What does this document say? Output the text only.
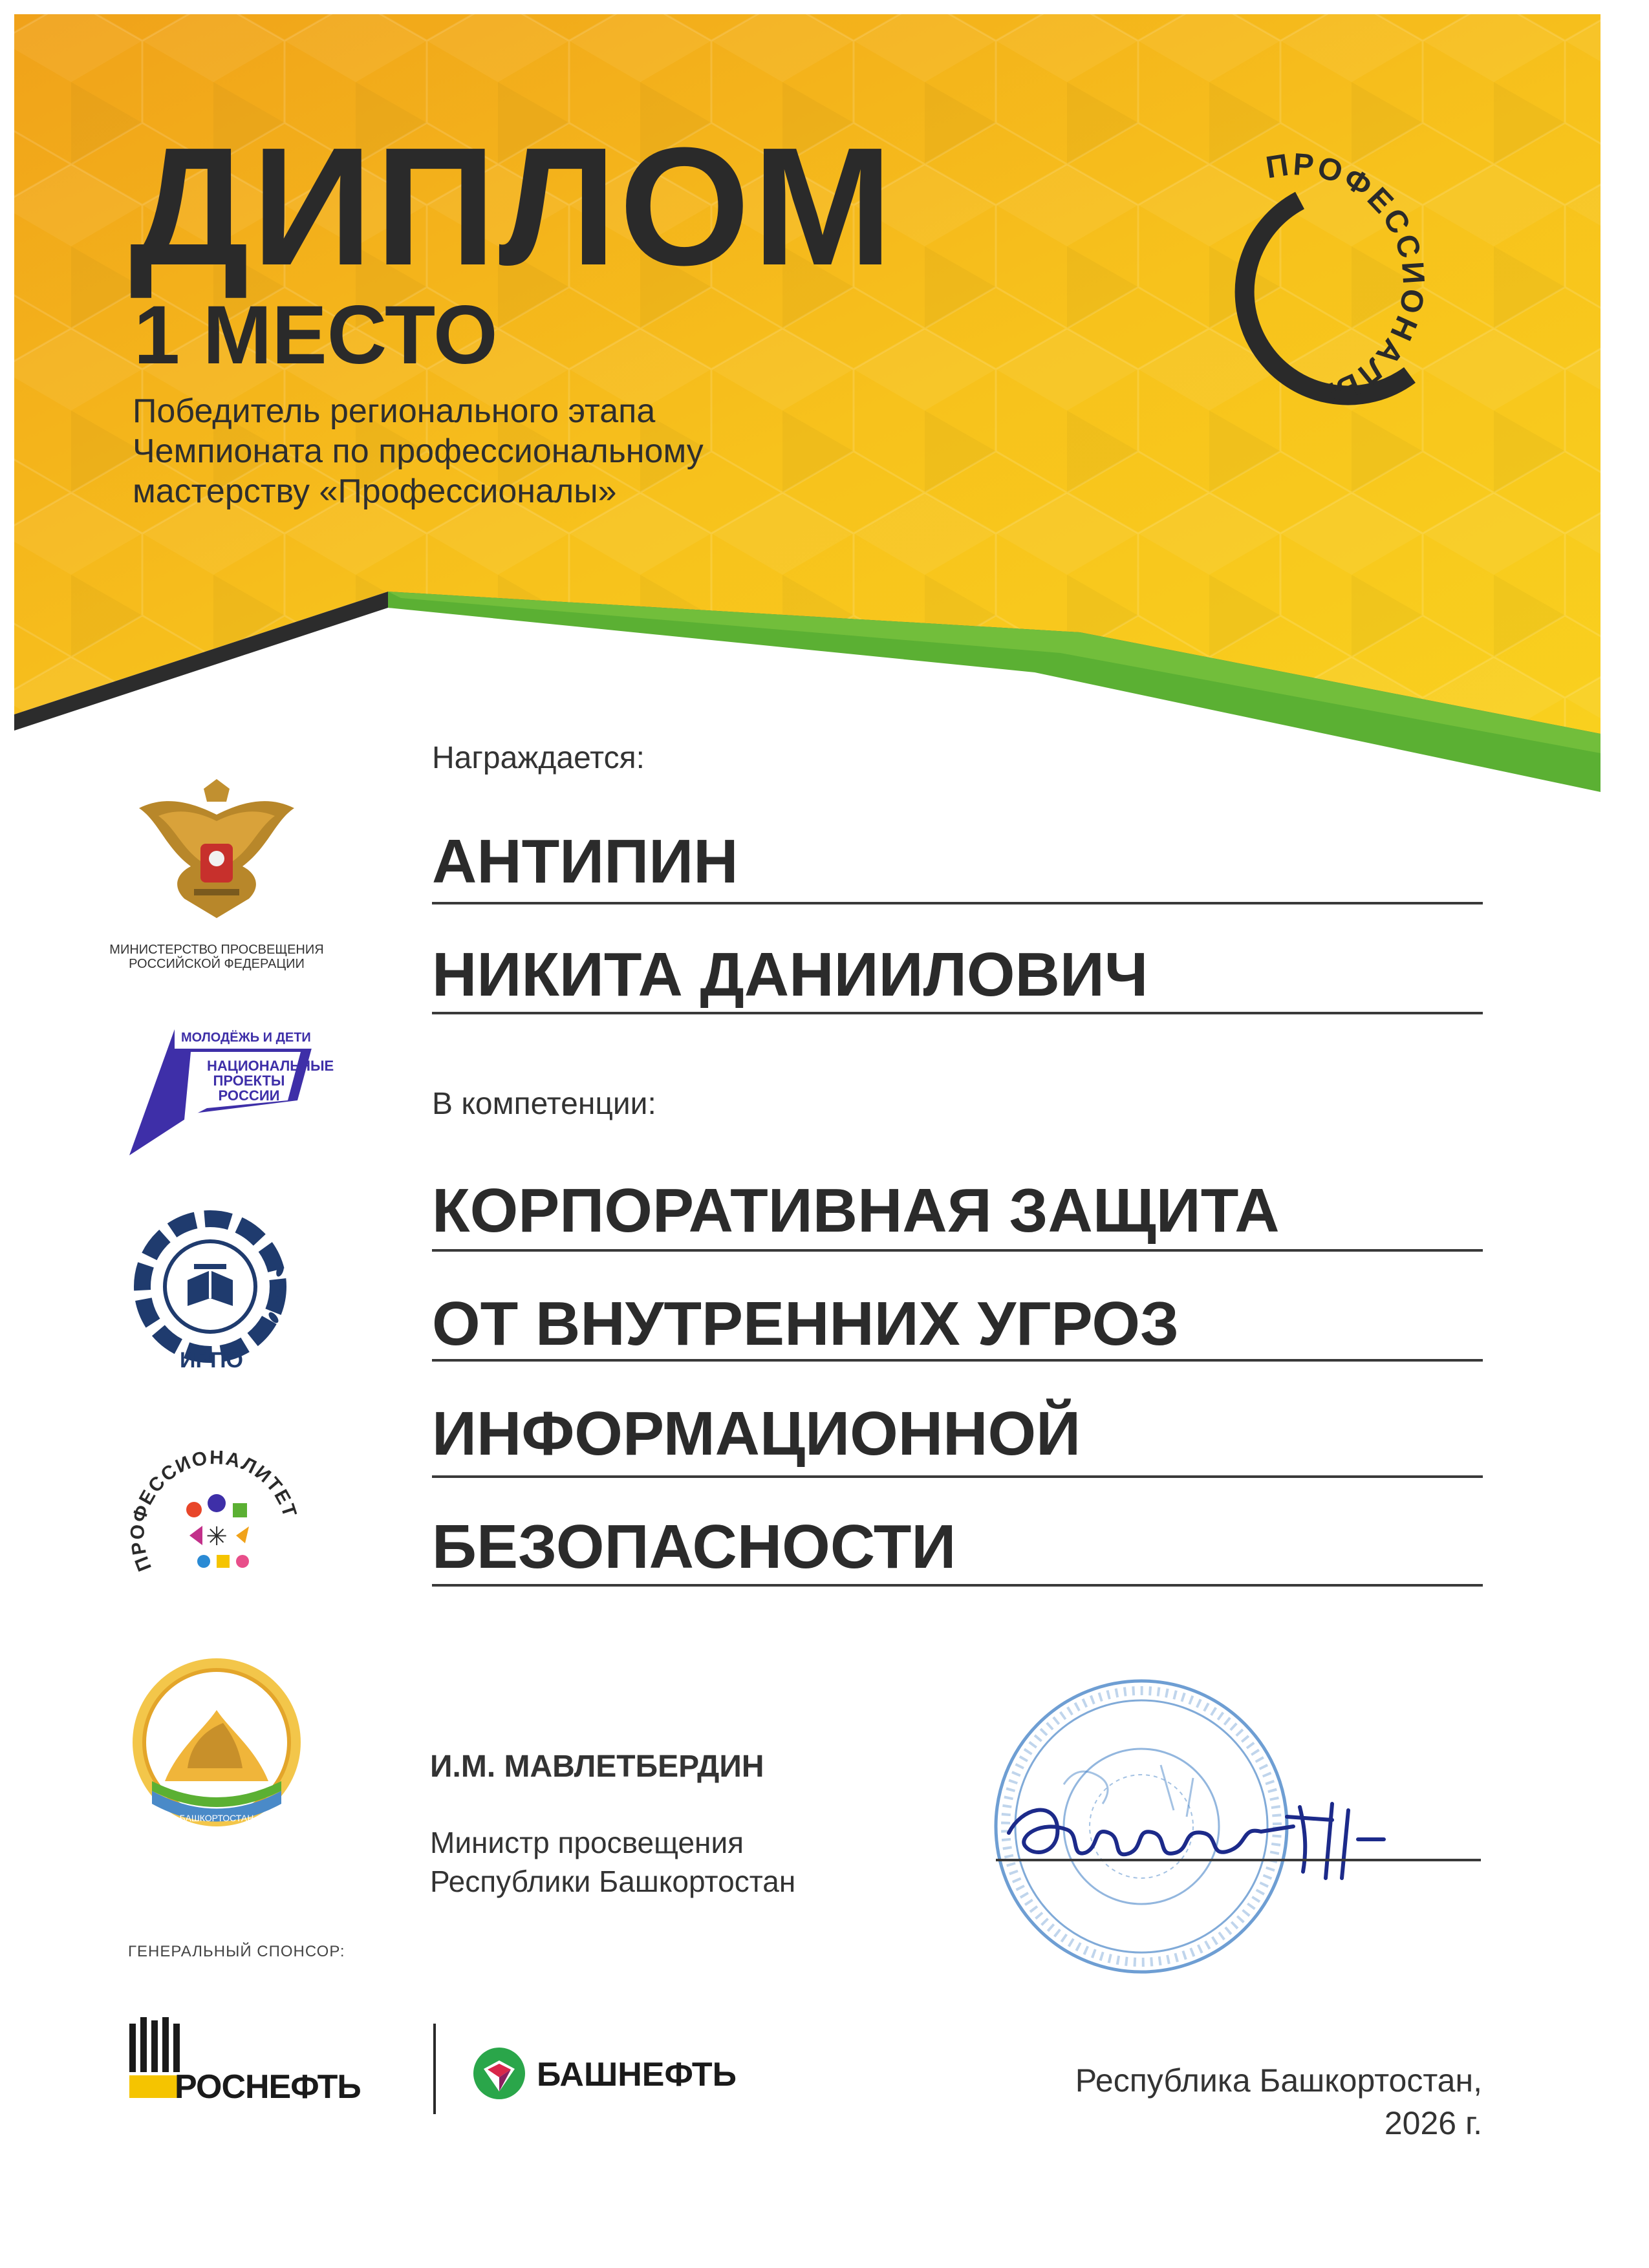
ДИПЛОМ
1 МЕСТО
Победитель регионального этапа
Чемпионата по профессиональному
мастерству «Профессионалы»
ПРОФЕССИОНАЛЫ
Награждается:
АНТИПИН
НИКИТА ДАНИИЛОВИЧ
В компетенции:
КОРПОРАТИВНАЯ ЗАЩИТА
ОТ ВНУТРЕННИХ УГРОЗ
ИНФОРМАЦИОННОЙ
БЕЗОПАСНОСТИ
МИНИСТЕРСТВО ПРОСВЕЩЕНИЯ
РОССИЙСКОЙ ФЕДЕРАЦИИ
МОЛОДЁЖЬ И ДЕТИ
НАЦИОНАЛЬНЫЕ
ПРОЕКТЫ
РОССИИ
ИРПО
ПРОФЕССИОНАЛИТЕТ
✳
БАШКОРТОСТАН
И.М. МАВЛЕТБЕРДИН
Министр просвещения
Республики Башкортостан
ГЕНЕРАЛЬНЫЙ СПОНСОР:
РОСНЕФТЬ	БАШНЕФТЬ	Республика Башкортостан,
2026 г.
